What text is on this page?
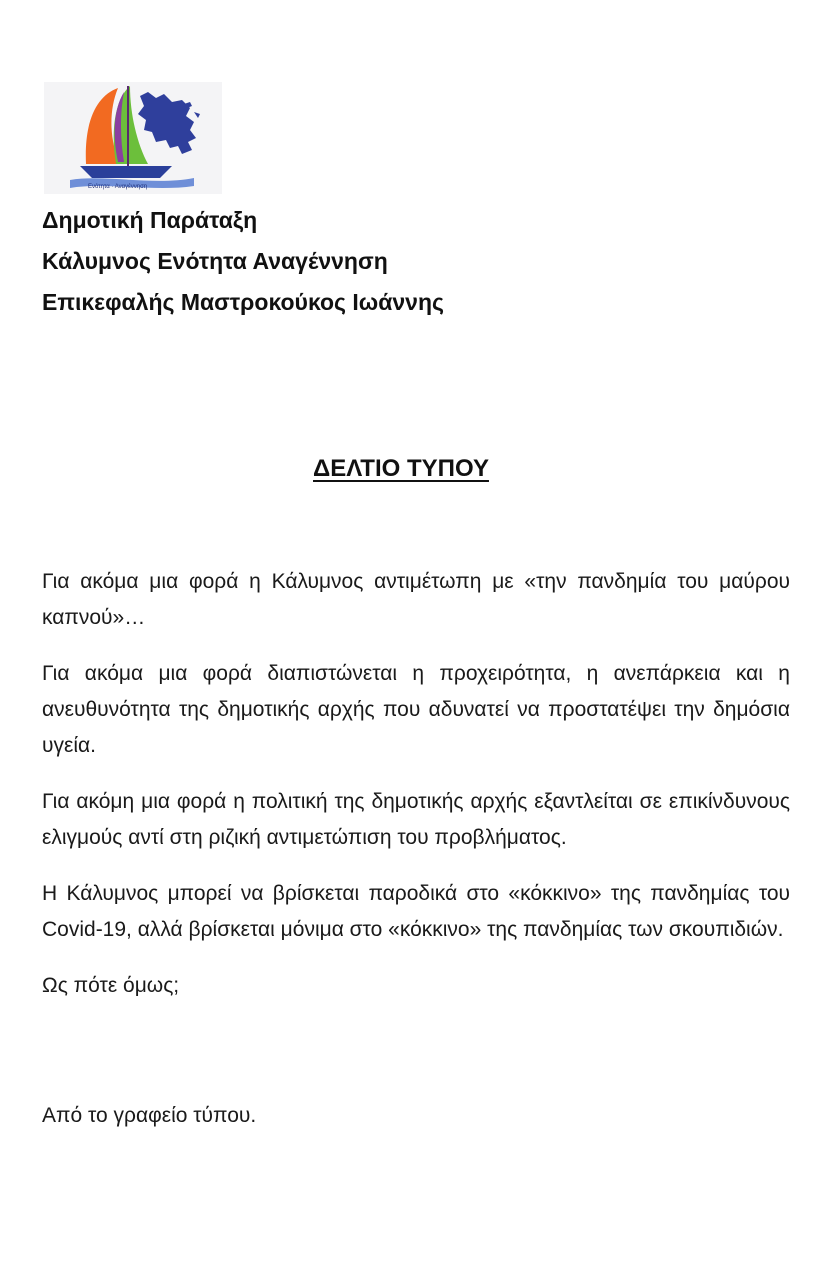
Ενότητα · Αναγέννηση
Δημοτική Παράταξη
Κάλυμνος Ενότητα Αναγέννηση
Επικεφαλής Μαστροκούκος Ιωάννης
ΔΕΛΤΙΟ ΤΥΠΟΥ

Για ακόμα μια φορά η Κάλυμνος αντιμέτωπη με «την πανδημία του μαύρου καπνού»…

Για ακόμα μια φορά διαπιστώνεται η προχειρότητα, η ανεπάρκεια και η ανευθυνότητα της δημοτικής αρχής που αδυνατεί να προστατέψει την δημόσια υγεία.

Για ακόμη μια φορά η πολιτική της δημοτικής αρχής εξαντλείται σε επικίνδυνους ελιγμούς αντί στη ριζική αντιμετώπιση του προβλήματος.

Η Κάλυμνος μπορεί να βρίσκεται παροδικά στο «κόκκινο» της πανδημίας του Covid-19, αλλά βρίσκεται μόνιμα στο «κόκκινο» της πανδημίας των σκουπιδιών.

Ως πότε όμως;

Από το γραφείο τύπου.
